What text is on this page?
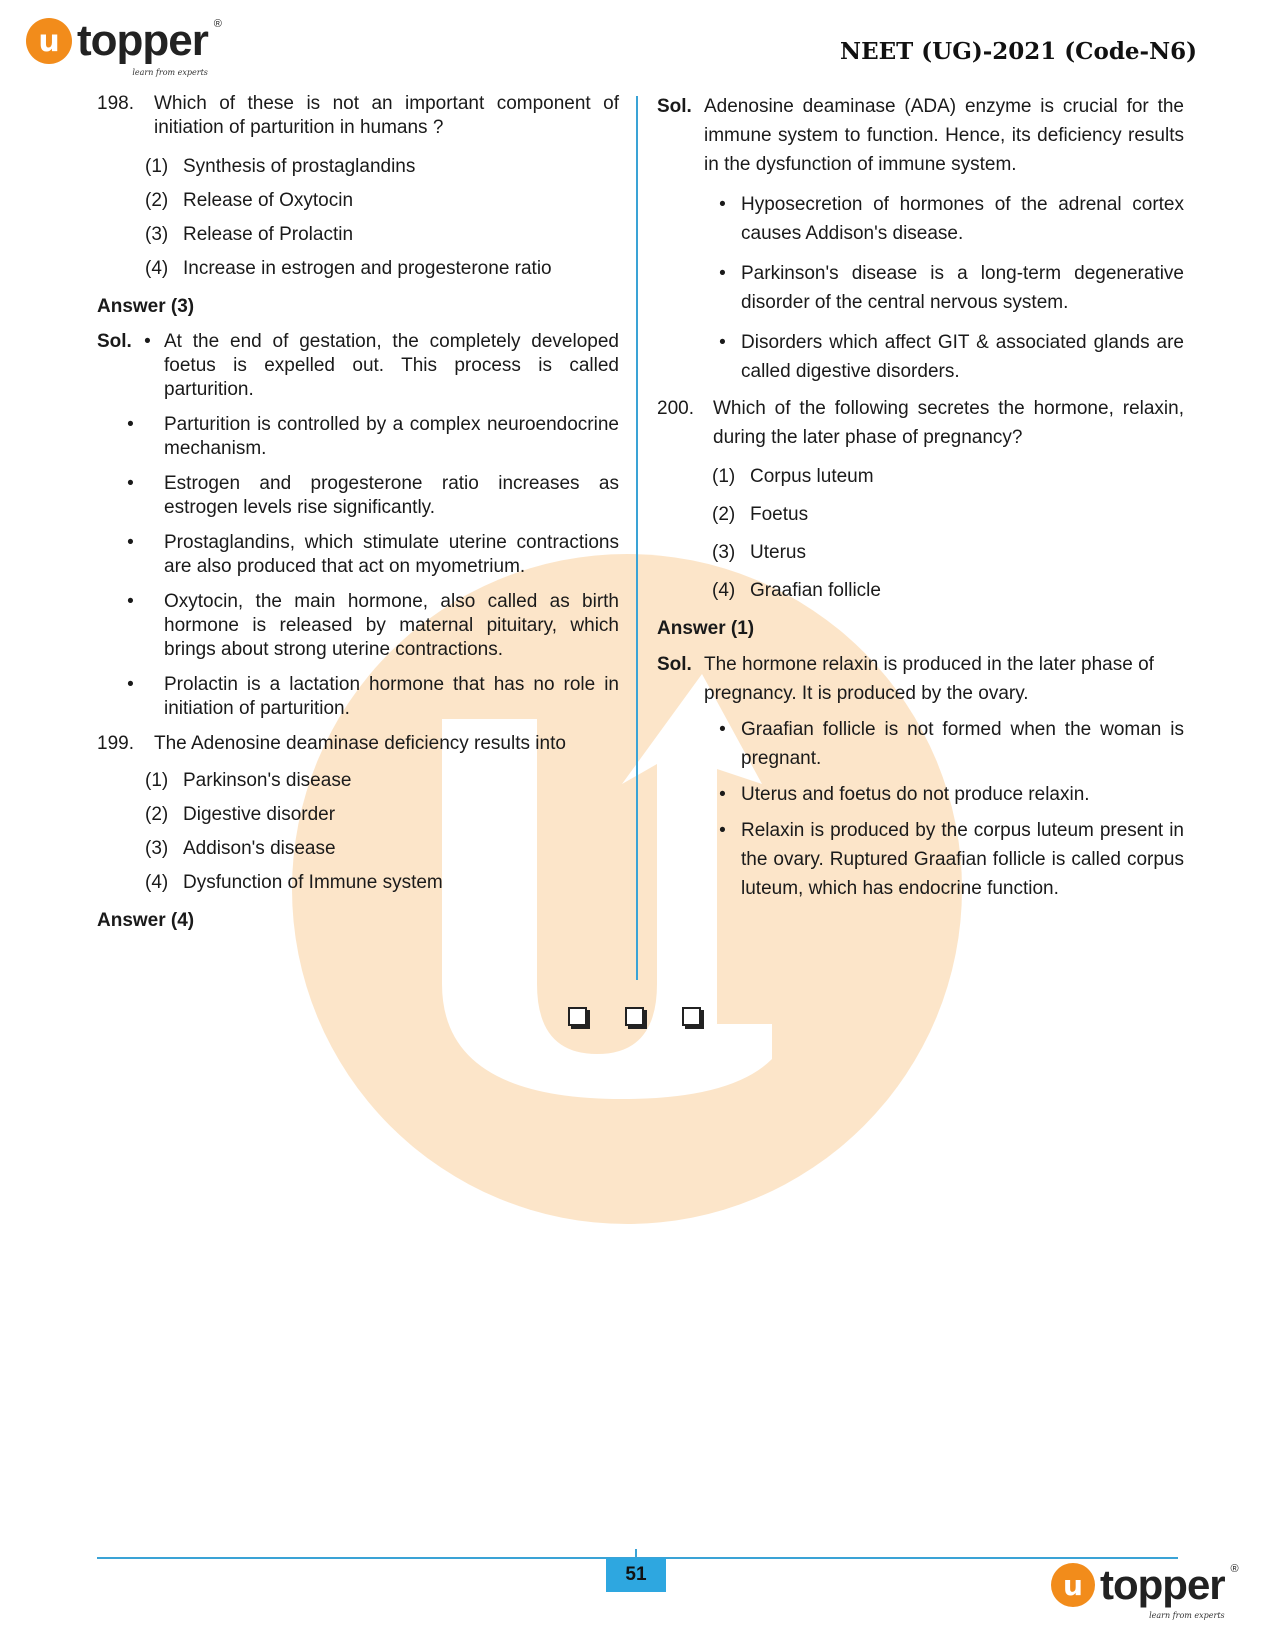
u topper ®
learn from experts
NEET (UG)-2021 (Code-N6)
198.	Which of these is not an important component of initiation of parturition in humans ?
(1) Synthesis of prostaglandins
(2) Release of Oxytocin
(3) Release of Prolactin
(4) Increase in estrogen and progesterone ratio
Answer (3)
Sol. • At the end of gestation, the completely developed foetus is expelled out. This process is called parturition.
•	Parturition is controlled by a complex neuroendocrine mechanism.
•	Estrogen and progesterone ratio increases as estrogen levels rise significantly.
•	Prostaglandins, which stimulate uterine contractions are also produced that act on myometrium.
•	Oxytocin, the main hormone, also called as birth hormone is released by maternal pituitary, which brings about strong uterine contractions.
•	Prolactin is a lactation hormone that has no role in initiation of parturition.
199.	The Adenosine deaminase deficiency results into
(1) Parkinson's disease
(2) Digestive disorder
(3) Addison's disease
(4) Dysfunction of Immune system
Answer (4)
Sol. Adenosine deaminase (ADA) enzyme is crucial for the immune system to function. Hence, its deficiency results in the dysfunction of immune system.
• Hyposecretion of hormones of the adrenal cortex causes Addison's disease.
• Parkinson's disease is a long-term degenerative disorder of the central nervous system.
• Disorders which affect GIT & associated glands are called digestive disorders.
200.	Which of the following secretes the hormone, relaxin, during the later phase of pregnancy?
(1) Corpus luteum
(2) Foetus
(3) Uterus
(4) Graafian follicle
Answer (1)
Sol. The hormone relaxin is produced in the later phase of pregnancy. It is produced by the ovary.
• Graafian follicle is not formed when the woman is pregnant.
• Uterus and foetus do not produce relaxin.
• Relaxin is produced by the corpus luteum present in the ovary. Ruptured Graafian follicle is called corpus luteum, which has endocrine function.
51	u topper ®
learn from experts
